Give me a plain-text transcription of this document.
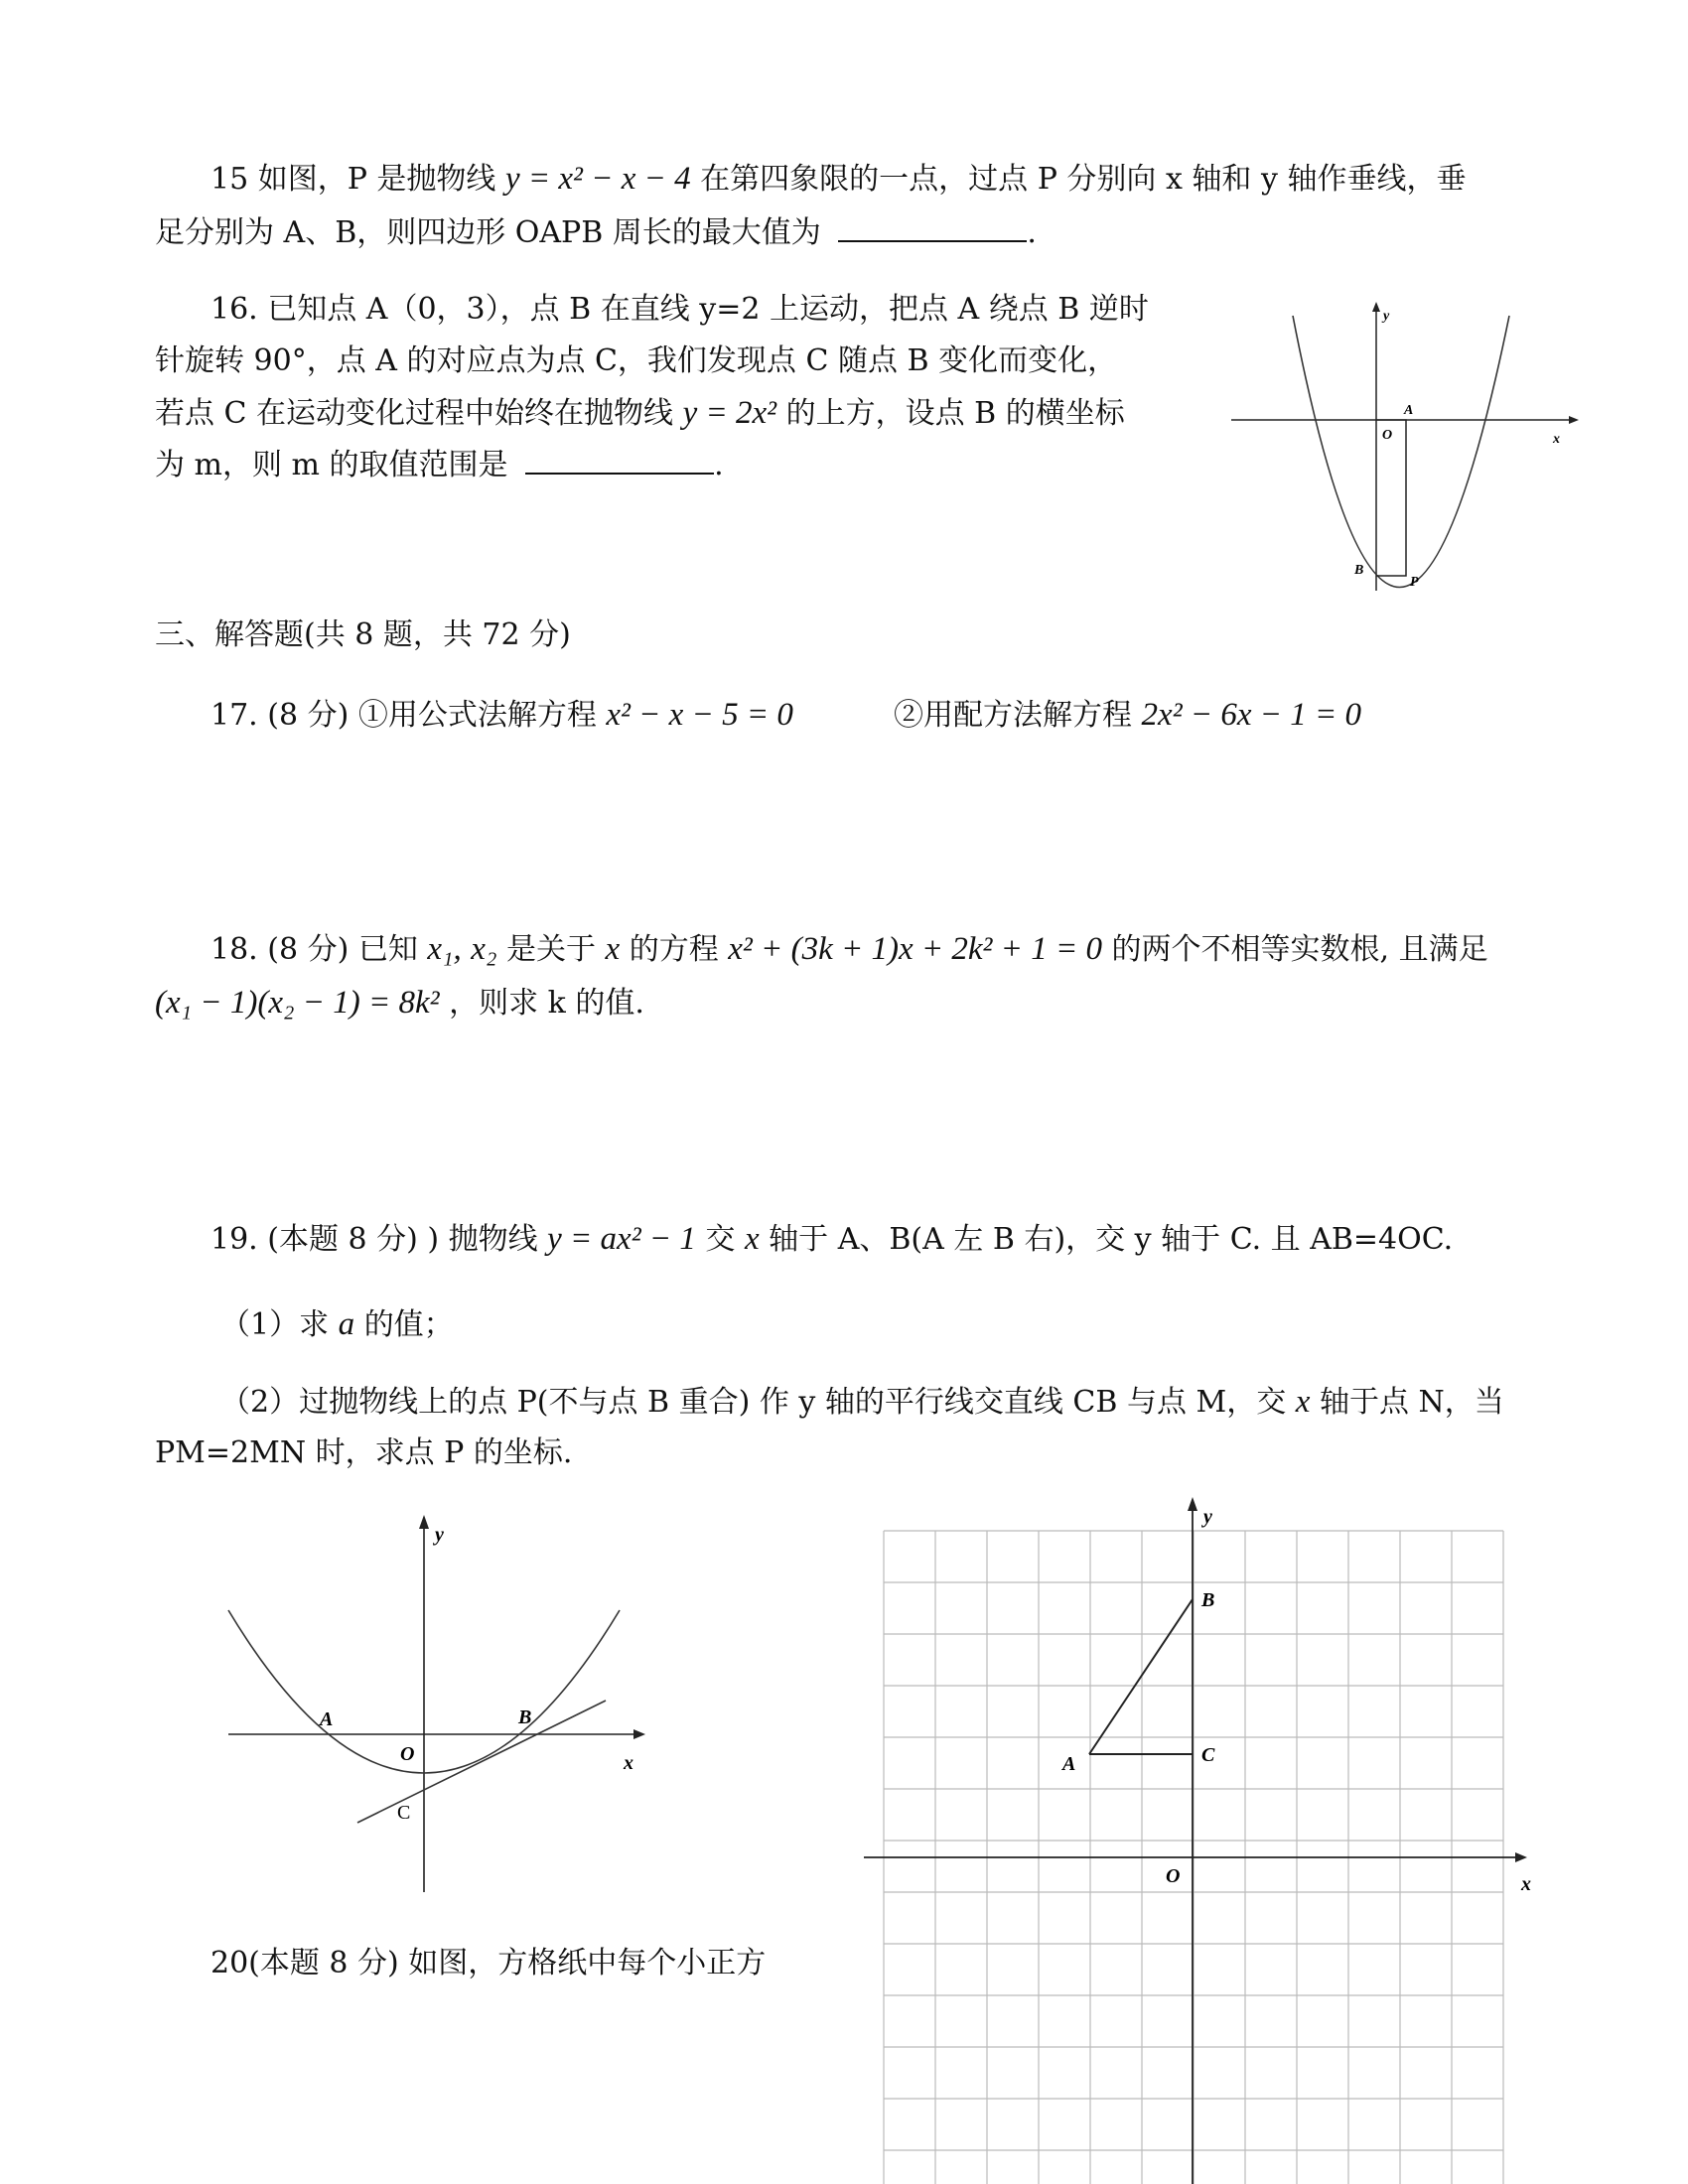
15 如图，P 是抛物线 y = x² − x − 4 在第四象限的一点，过点 P 分别向 x 轴和 y 轴作垂线，垂
足分别为 A、B，则四边形 OAPB 周长的最大值为	.
16. 已知点 A（0，3），点 B 在直线 y=2 上运动，把点 A 绕点 B 逆时
针旋转 90°，点 A 的对应点为点 C，我们发现点 C 随点 B 变化而变化，
若点 C 在运动变化过程中始终在抛物线 y = 2x² 的上方，设点 B 的横坐标
为 m，则 m 的取值范围是	.
y
x
A
O
B
P
三、解答题(共 8 题，共 72 分)
17. (8 分) ①用公式法解方程 x² − x − 5 = 0	②用配方法解方程 2x² − 6x − 1 = 0
18. (8 分) 已知 x₁, x₂ 是关于 x 的方程 x² + (3k + 1)x + 2k² + 1 = 0 的两个不相等实数根, 且满足
(x₁ − 1)(x₂ − 1) = 8k² ，则求 k 的值.
19. (本题 8 分) ) 抛物线 y = ax² − 1 交 x 轴于 A、B(A 左 B 右)，交 y 轴于 C. 且 AB=4OC.
（1）求 a 的值；
（2）过抛物线上的点 P(不与点 B 重合) 作 y 轴的平行线交直线 CB 与点 M，交 x 轴于点 N，当
PM=2MN 时，求点 P 的坐标.
y
x
A	B
O
C
20(本题 8 分) 如图，方格纸中每个小正方
y
x
B
A	C
O
